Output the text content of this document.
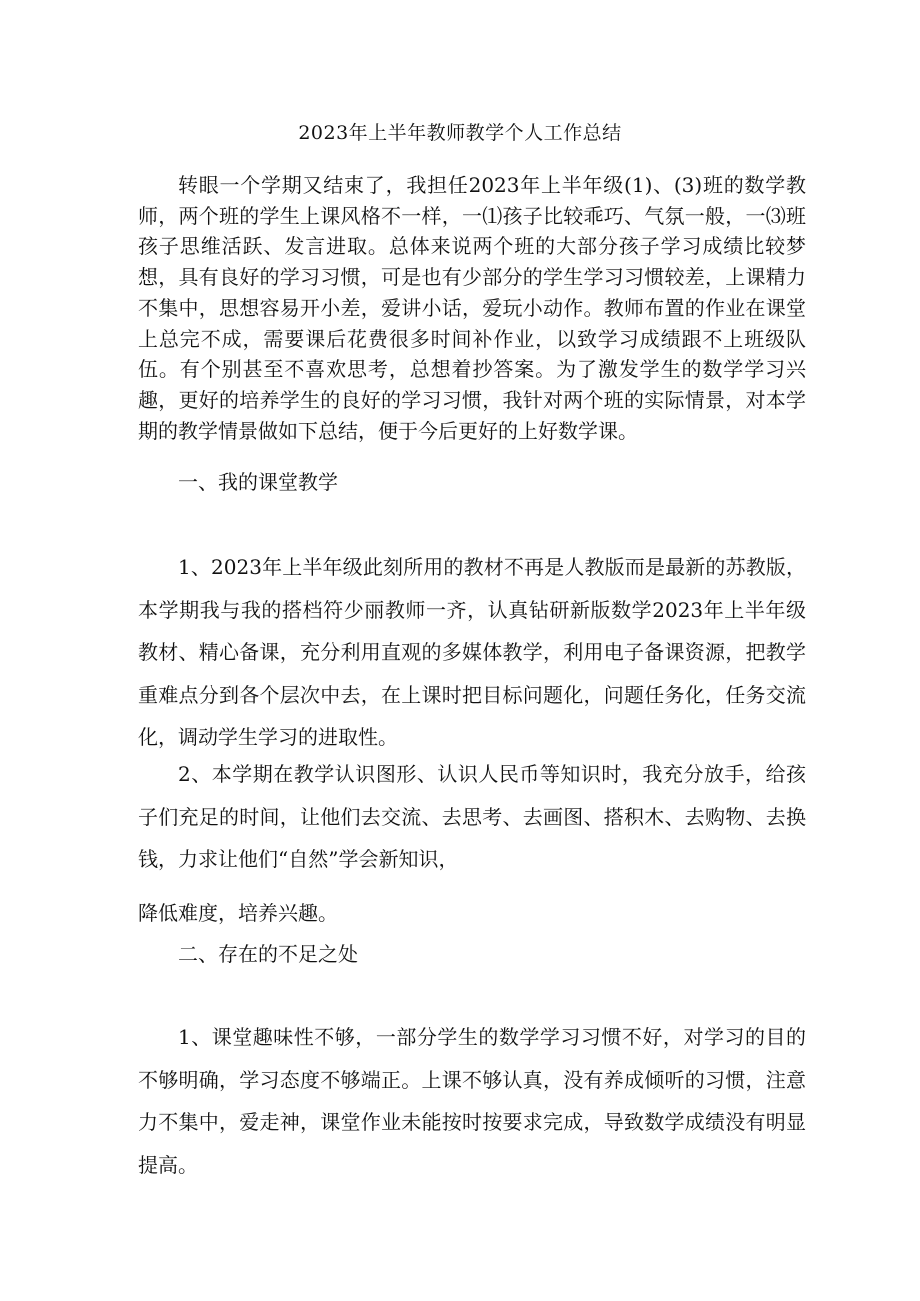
2023年上半年教师教学个人工作总结

转眼一个学期又结束了，我担任2023年上半年级(1)、(3)班的数学教师，两个班的学生上课风格不一样，一⑴孩子比较乖巧、气氛一般，一⑶班孩子思维活跃、发言进取。总体来说两个班的大部分孩子学习成绩比较梦想，具有良好的学习习惯，可是也有少部分的学生学习习惯较差，上课精力不集中，思想容易开小差，爱讲小话，爱玩小动作。教师布置的作业在课堂上总完不成，需要课后花费很多时间补作业，以致学习成绩跟不上班级队伍。有个别甚至不喜欢思考，总想着抄答案。为了激发学生的数学学习兴趣，更好的培养学生的良好的学习习惯，我针对两个班的实际情景，对本学期的教学情景做如下总结，便于今后更好的上好数学课。

一、我的课堂教学

1、2023年上半年级此刻所用的教材不再是人教版而是最新的苏教版，本学期我与我的搭档符少丽教师一齐，认真钻研新版数学2023年上半年级教材、精心备课，充分利用直观的多媒体教学，利用电子备课资源，把教学重难点分到各个层次中去，在上课时把目标问题化，问题任务化，任务交流化，调动学生学习的进取性。

2、本学期在教学认识图形、认识人民币等知识时，我充分放手，给孩子们充足的时间，让他们去交流、去思考、去画图、搭积木、去购物、去换钱，力求让他们“自然”学会新知识，

降低难度，培养兴趣。

二、存在的不足之处

1、课堂趣味性不够，一部分学生的数学学习习惯不好，对学习的目的不够明确，学习态度不够端正。上课不够认真，没有养成倾听的习惯，注意力不集中，爱走神，课堂作业未能按时按要求完成，导致数学成绩没有明显提高。
